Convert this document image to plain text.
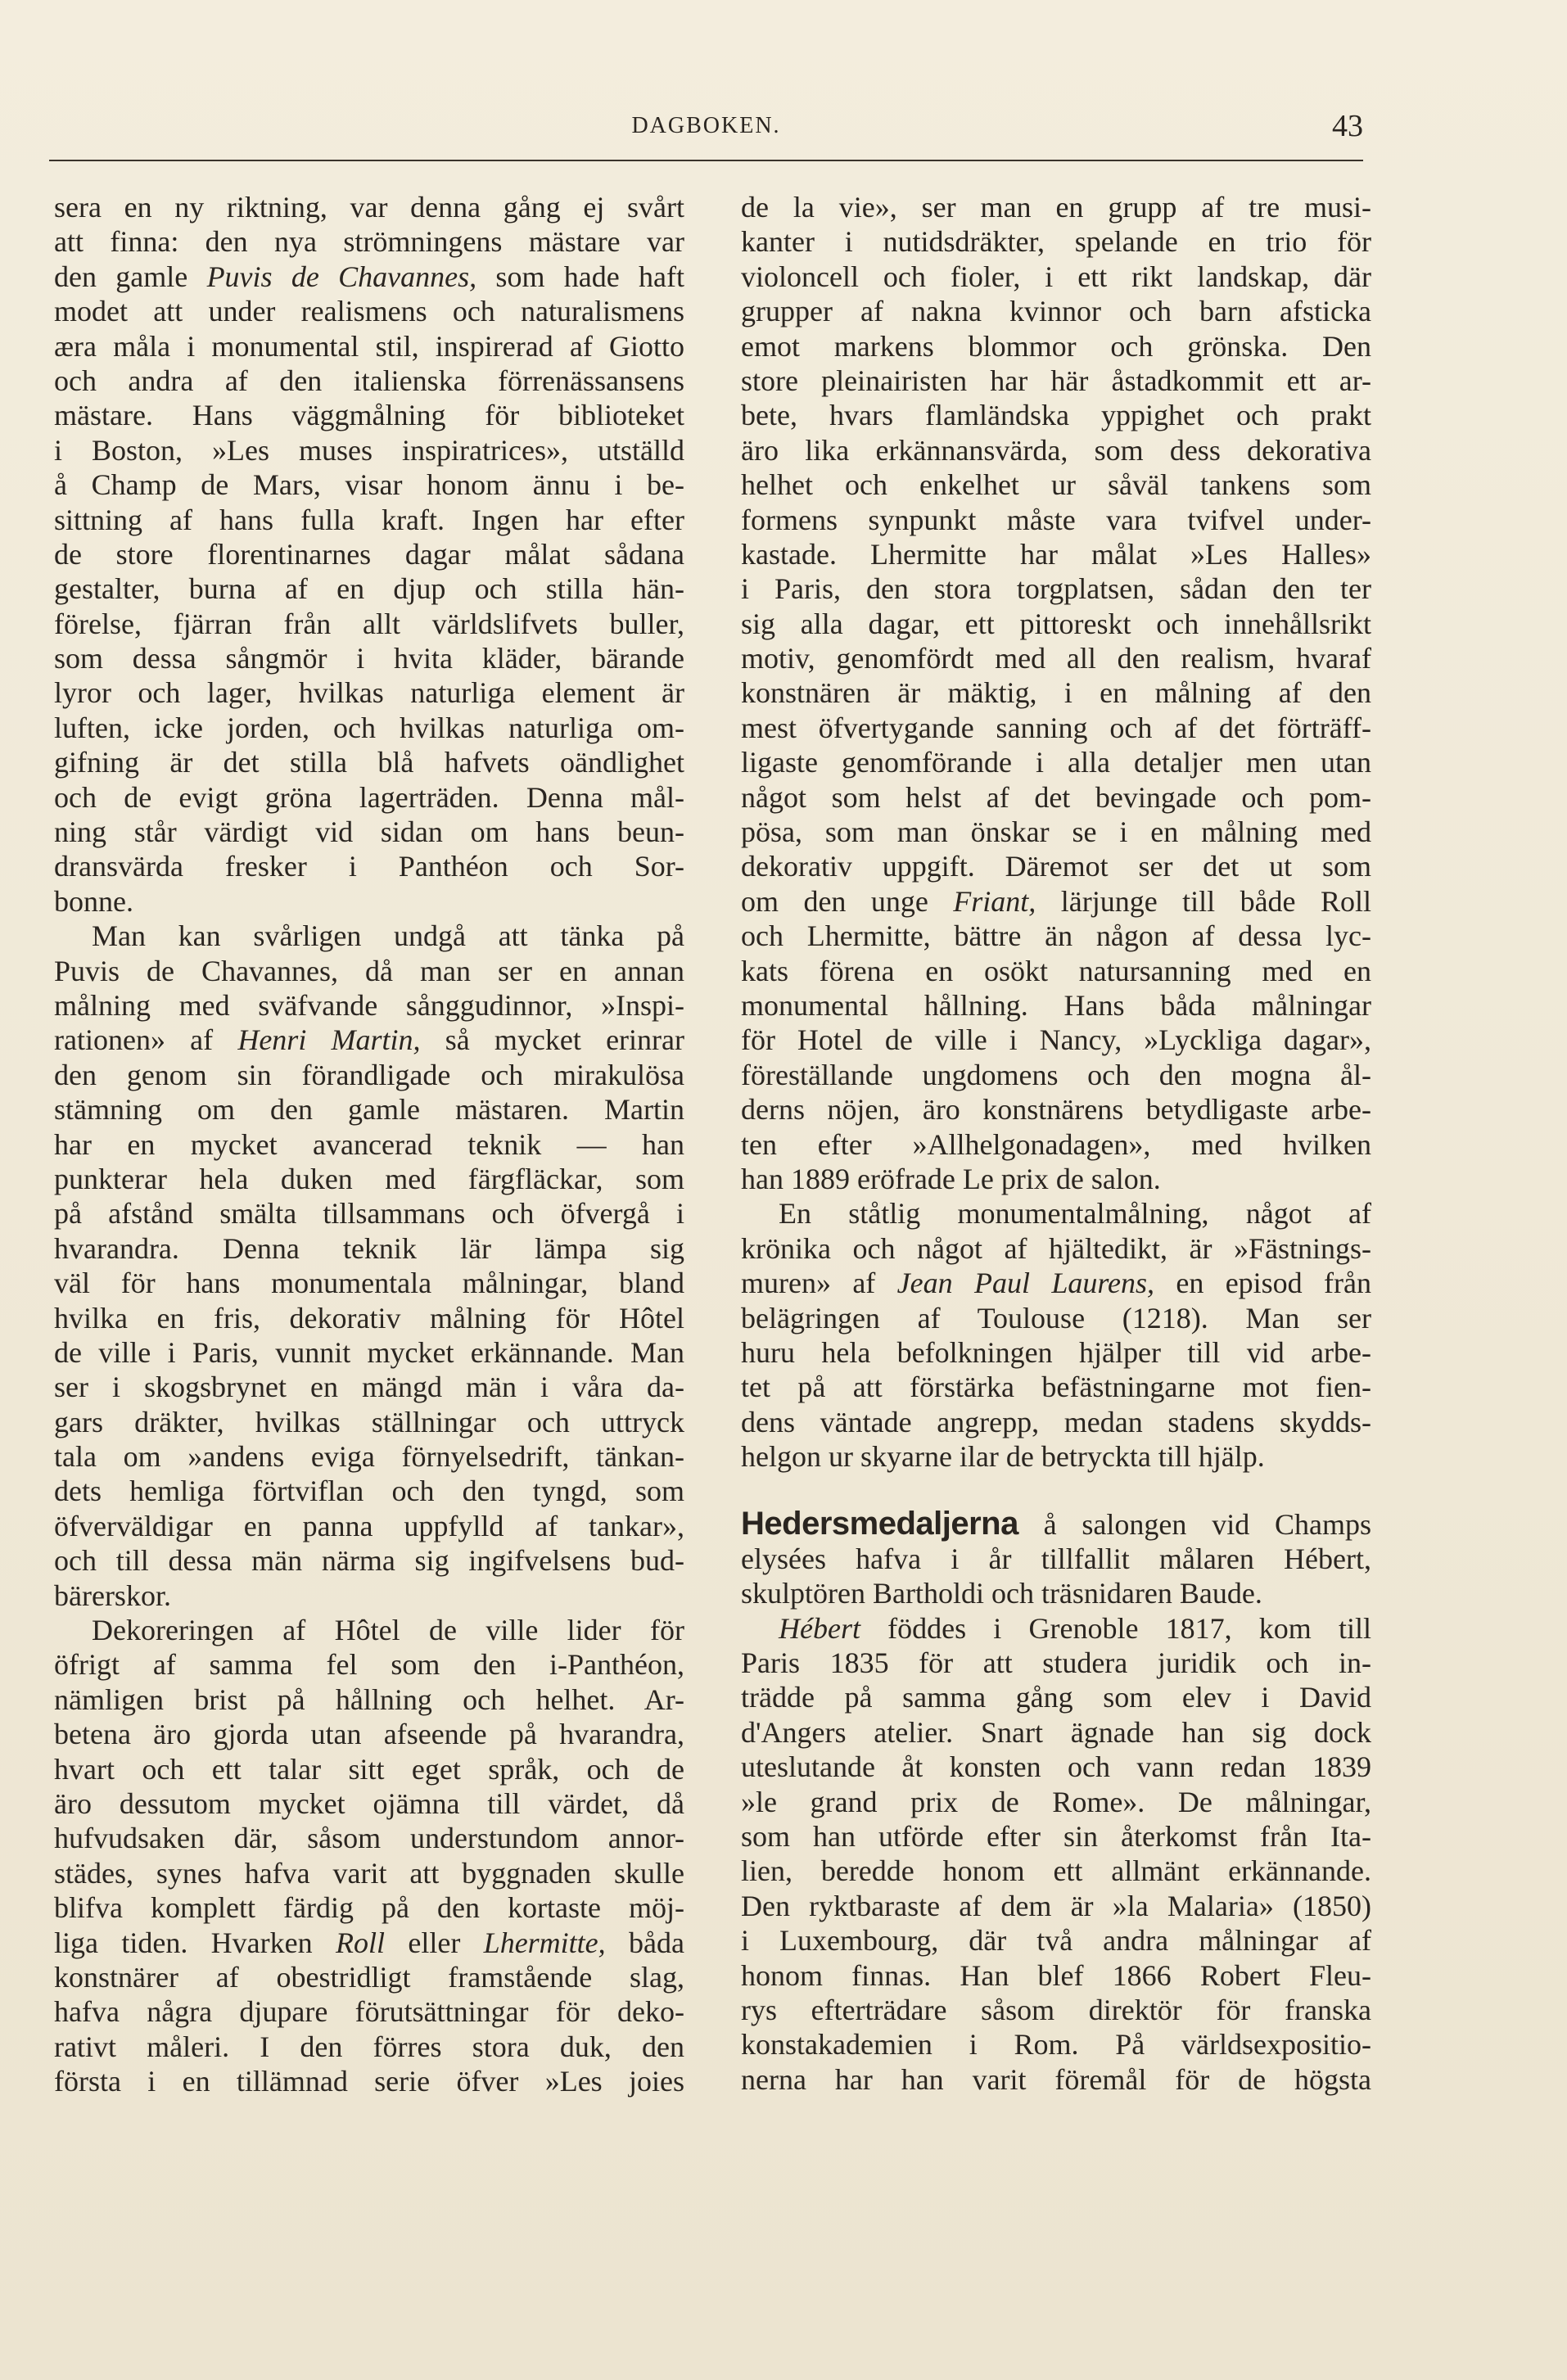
DAGBOKEN.	43
sera en ny riktning, var denna gång ej svårt
att finna: den nya strömningens mästare var
den gamle Puvis de Chavannes, som hade haft
modet att under realismens och naturalismens
æra måla i monumental stil, inspirerad af Giotto
och andra af den italienska förrenässansens
mästare. Hans väggmålning för biblioteket
i Boston, »Les muses inspiratrices», utställd
å Champ de Mars, visar honom ännu i be-
sittning af hans fulla kraft. Ingen har efter
de store florentinarnes dagar målat sådana
gestalter, burna af en djup och stilla hän-
förelse, fjärran från allt världslifvets buller,
som dessa sångmör i hvita kläder, bärande
lyror och lager, hvilkas naturliga element är
luften, icke jorden, och hvilkas naturliga om-
gifning är det stilla blå hafvets oändlighet
och de evigt gröna lagerträden. Denna mål-
ning står värdigt vid sidan om hans beun-
dransvärda fresker i Panthéon och Sor-
bonne.
Man kan svårligen undgå att tänka på
Puvis de Chavannes, då man ser en annan
målning med sväfvande sånggudinnor, »Inspi-
rationen» af Henri Martin, så mycket erinrar
den genom sin förandligade och mirakulösa
stämning om den gamle mästaren. Martin
har en mycket avancerad teknik — han
punkterar hela duken med färgfläckar, som
på afstånd smälta tillsammans och öfvergå i
hvarandra. Denna teknik lär lämpa sig
väl för hans monumentala målningar, bland
hvilka en fris, dekorativ målning för Hôtel
de ville i Paris, vunnit mycket erkännande. Man
ser i skogsbrynet en mängd män i våra da-
gars dräkter, hvilkas ställningar och uttryck
tala om »andens eviga förnyelsedrift, tänkan-
dets hemliga förtviflan och den tyngd, som
öfverväldigar en panna uppfylld af tankar»,
och till dessa män närma sig ingifvelsens bud-
bärerskor.
Dekoreringen af Hôtel de ville lider för
öfrigt af samma fel som den i-Panthéon,
nämligen brist på hållning och helhet. Ar-
betena äro gjorda utan afseende på hvarandra,
hvart och ett talar sitt eget språk, och de
äro dessutom mycket ojämna till värdet, då
hufvudsaken där, såsom understundom annor-
städes, synes hafva varit att byggnaden skulle
blifva komplett färdig på den kortaste möj-
liga tiden. Hvarken Roll eller Lhermitte, båda
konstnärer af obestridligt framstående slag,
hafva några djupare förutsättningar för deko-
rativt måleri. I den förres stora duk, den
första i en tillämnad serie öfver »Les joies
de la vie», ser man en grupp af tre musi-
kanter i nutidsdräkter, spelande en trio för
violoncell och fioler, i ett rikt landskap, där
grupper af nakna kvinnor och barn afsticka
emot markens blommor och grönska. Den
store pleinairisten har här åstadkommit ett ar-
bete, hvars flamländska yppighet och prakt
äro lika erkännansvärda, som dess dekorativa
helhet och enkelhet ur såväl tankens som
formens synpunkt måste vara tvifvel under-
kastade. Lhermitte har målat »Les Halles»
i Paris, den stora torgplatsen, sådan den ter
sig alla dagar, ett pittoreskt och innehållsrikt
motiv, genomfördt med all den realism, hvaraf
konstnären är mäktig, i en målning af den
mest öfvertygande sanning och af det förträff-
ligaste genomförande i alla detaljer men utan
något som helst af det bevingade och pom-
pösa, som man önskar se i en målning med
dekorativ uppgift. Däremot ser det ut som
om den unge Friant, lärjunge till både Roll
och Lhermitte, bättre än någon af dessa lyc-
kats förena en osökt natursanning med en
monumental hållning. Hans båda målningar
för Hotel de ville i Nancy, »Lyckliga dagar»,
föreställande ungdomens och den mogna ål-
derns nöjen, äro konstnärens betydligaste arbe-
ten efter »Allhelgonadagen», med hvilken
han 1889 eröfrade Le prix de salon.
En ståtlig monumentalmålning, något af
krönika och något af hjältedikt, är »Fästnings-
muren» af Jean Paul Laurens, en episod från
belägringen af Toulouse (1218). Man ser
huru hela befolkningen hjälper till vid arbe-
tet på att förstärka befästningarne mot fien-
dens väntade angrepp, medan stadens skydds-
helgon ur skyarne ilar de betryckta till hjälp.
Hedersmedaljerna å salongen vid Champs
elysées hafva i år tillfallit målaren Hébert,
skulptören Bartholdi och träsnidaren Baude.
Hébert föddes i Grenoble 1817, kom till
Paris 1835 för att studera juridik och in-
trädde på samma gång som elev i David
d'Angers atelier. Snart ägnade han sig dock
uteslutande åt konsten och vann redan 1839
»le grand prix de Rome». De målningar,
som han utförde efter sin återkomst från Ita-
lien, beredde honom ett allmänt erkännande.
Den ryktbaraste af dem är »la Malaria» (1850)
i Luxembourg, där två andra målningar af
honom finnas. Han blef 1866 Robert Fleu-
rys efterträdare såsom direktör för franska
konstakademien i Rom. På världsexpositio-
nerna har han varit föremål för de högsta
